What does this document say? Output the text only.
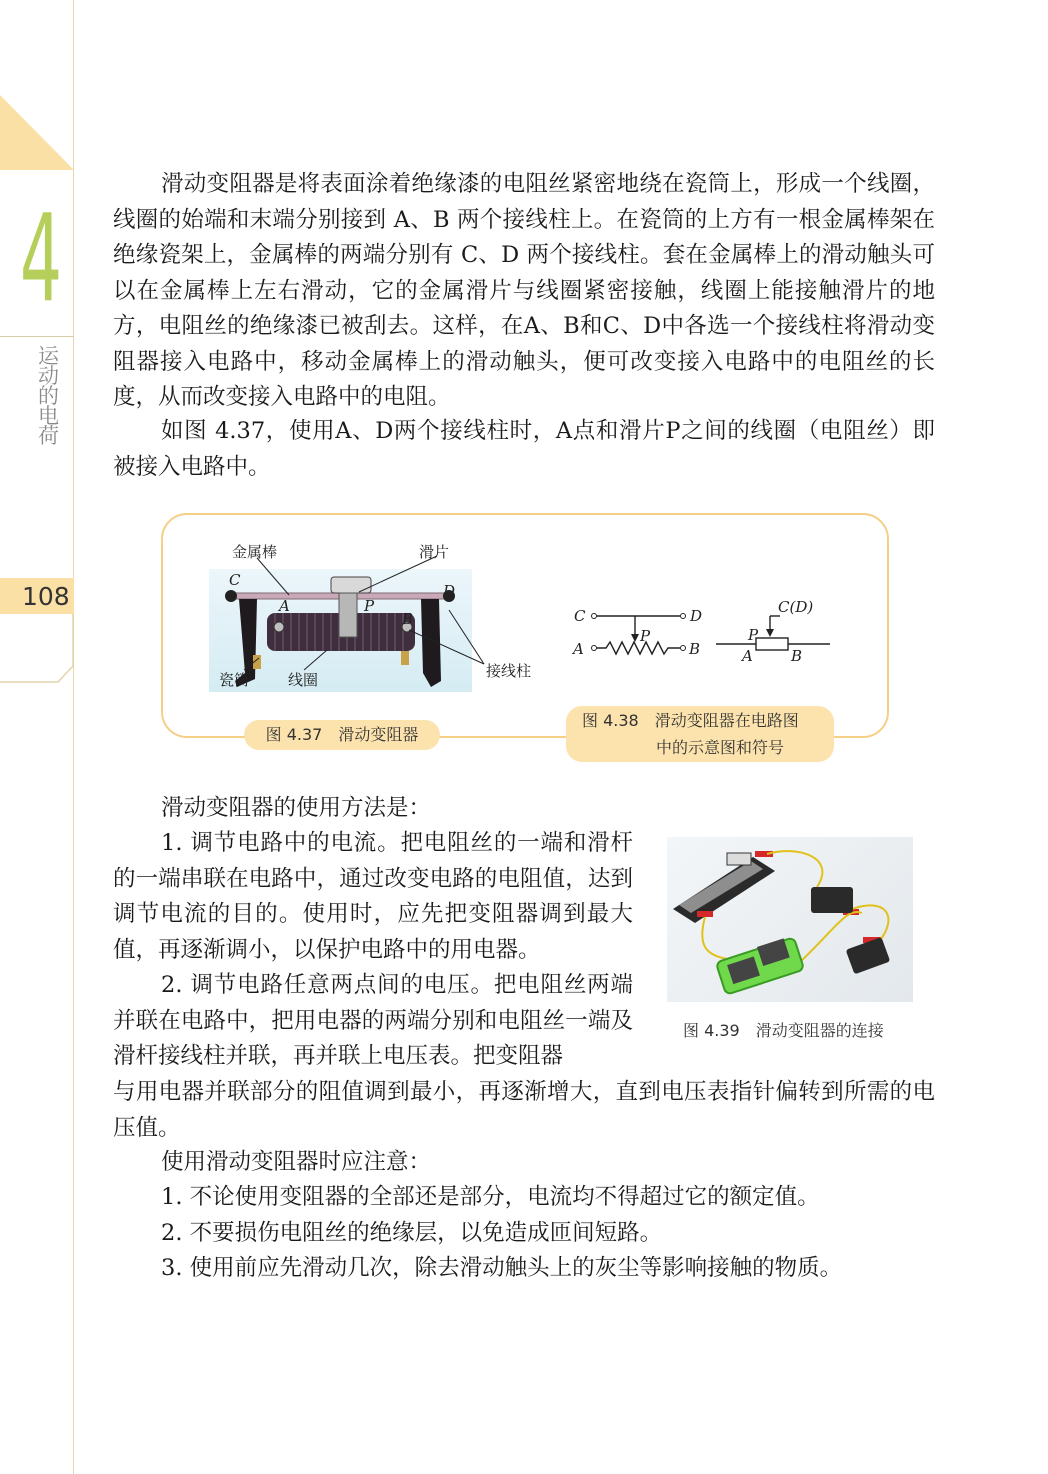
4
运动的电荷
108

滑动变阻器是将表面涂着绝缘漆的电阻丝紧密地绕在瓷筒上，形成一个线圈，线圈的始端和末端分别接到 A、B 两个接线柱上。在瓷筒的上方有一根金属棒架在绝缘瓷架上，金属棒的两端分别有 C、D 两个接线柱。套在金属棒上的滑动触头可以在金属棒上左右滑动，它的金属滑片与线圈紧密接触，线圈上能接触滑片的地方，电阻丝的绝缘漆已被刮去。这样，在A、B和C、D中各选一个接线柱将滑动变阻器接入电路中，移动金属棒上的滑动触头，便可改变接入电路中的电阻丝的长度，从而改变接入电路中的电阻。

如图 4.37，使用A、D两个接线柱时，A点和滑片P之间的线圈（电阻丝）即被接入电路中。

金属棒	滑片
瓷筒	线圈	接线柱
C
D
A	P
B
图 4.37　滑动变阻器
C	D
A
P
B
C(D)
P
A	B
图 4.38　滑动变阻器在电路图
中的示意图和符号

滑动变阻器的使用方法是：

1. 调节电路中的电流。把电阻丝的一端和滑杆的一端串联在电路中，通过改变电路的电阻值，达到调节电流的目的。使用时，应先把变阻器调到最大值，再逐渐调小，以保护电路中的用电器。

2. 调节电路任意两点间的电压。把电阻丝两端并联在电路中，把用电器的两端分别和电阻丝一端及滑杆接线柱并联，再并联上电压表。把变阻器

与用电器并联部分的阻值调到最小，再逐渐增大，直到电压表指针偏转到所需的电压值。

图 4.39　滑动变阻器的连接

使用滑动变阻器时应注意：

1. 不论使用变阻器的全部还是部分，电流均不得超过它的额定值。

2. 不要损伤电阻丝的绝缘层，以免造成匝间短路。

3. 使用前应先滑动几次，除去滑动触头上的灰尘等影响接触的物质。
